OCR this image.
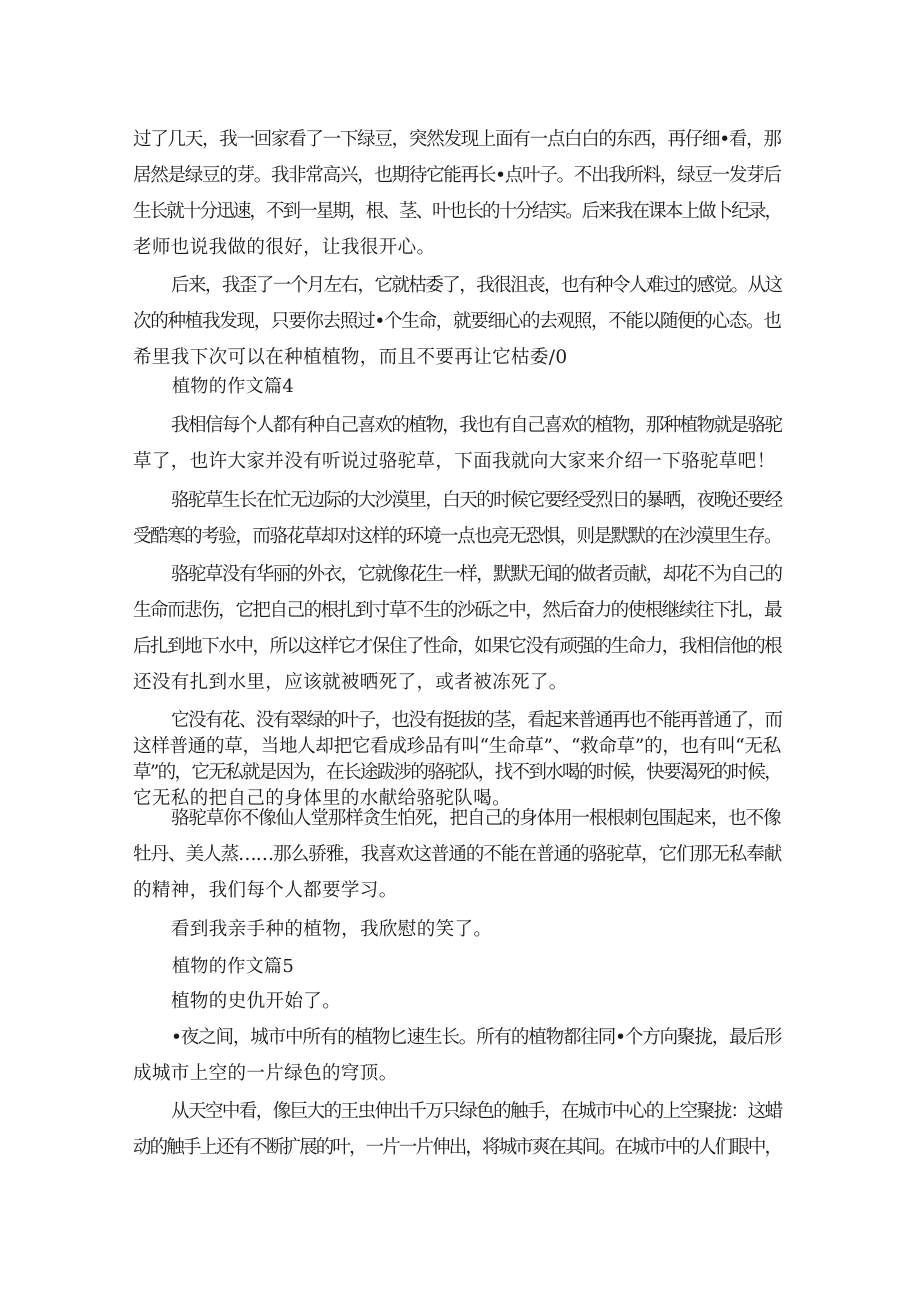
过了几天，我一回家看了一下绿豆，突然发现上面有一点白白的东西，再仔细•看，那
居然是绿豆的芽。我非常高兴，也期待它能再长•点叶子。不出我所料，绿豆一发芽后
生长就十分迅速，不到一星期，根、茎、叶也长的十分结实。后来我在课本上做卜纪录，
老师也说我做的很好，让我很开心。
后来，我歪了一个月左右，它就枯委了，我很沮丧，也有种令人难过的感觉。从这
次的种植我发现，只要你去照过•个生命，就要细心的去观照，不能以随便的心态。也
希里我下次可以在种植植物，而且不要再让它枯委/0
植物的作文篇4
我相信每个人都有种自己喜欢的植物，我也有自己喜欢的植物，那种植物就是骆驼
草了，也许大家并没有听说过骆驼草，下面我就向大家来介绍一下骆驼草吧！
骆驼草生长在忙无边际的大沙漠里，白天的时候它要经受烈日的暴晒，夜晚还要经
受酷寒的考验，而骆花草却对这样的环境一点也亮无恐惧，则是默默的在沙漠里生存。
骆驼草没有华丽的外衣，它就像花生一样，默默无闻的做者贡献，却花不为自己的
生命而悲伤，它把自己的根扎到寸草不生的沙砾之中，然后奋力的使根继续往下扎，最
后扎到地下水中，所以这样它才保住了性命，如果它没有顽强的生命力，我相信他的根
还没有扎到水里，应该就被晒死了，或者被冻死了。
它没有花、没有翠绿的叶子，也没有挺拔的茎，看起来普通再也不能再普通了，而
这样普通的草，当地人却把它看成珍品有叫“生命草”、“救命草”的，也有叫“无私
草”的，它无私就是因为，在长途跋涉的骆驼队，找不到水喝的时候，快要渴死的时候，
它无私的把自己的身体里的水献给骆驼队喝。
骆驼草你不像仙人堂那样贪生怕死，把自己的身体用一根根刺包围起来，也不像
牡丹、美人蒸……那么骄雅，我喜欢这普通的不能在普通的骆驼草，它们那无私奉献
的精神，我们每个人都要学习。
看到我亲手种的植物，我欣慰的笑了。
植物的作文篇5
植物的史仇开始了。
•夜之间，城市中所有的植物匕速生长。所有的植物都往同•个方向聚拢，最后形
成城市上空的一片绿色的穹顶。
从天空中看，像巨大的王虫伸出千万只绿色的触手，在城市中心的上空聚拢：这蜡
动的触手上还有不断扩展的叶，一片一片伸出，将城市爽在其间。在城市中的人们眼中，
